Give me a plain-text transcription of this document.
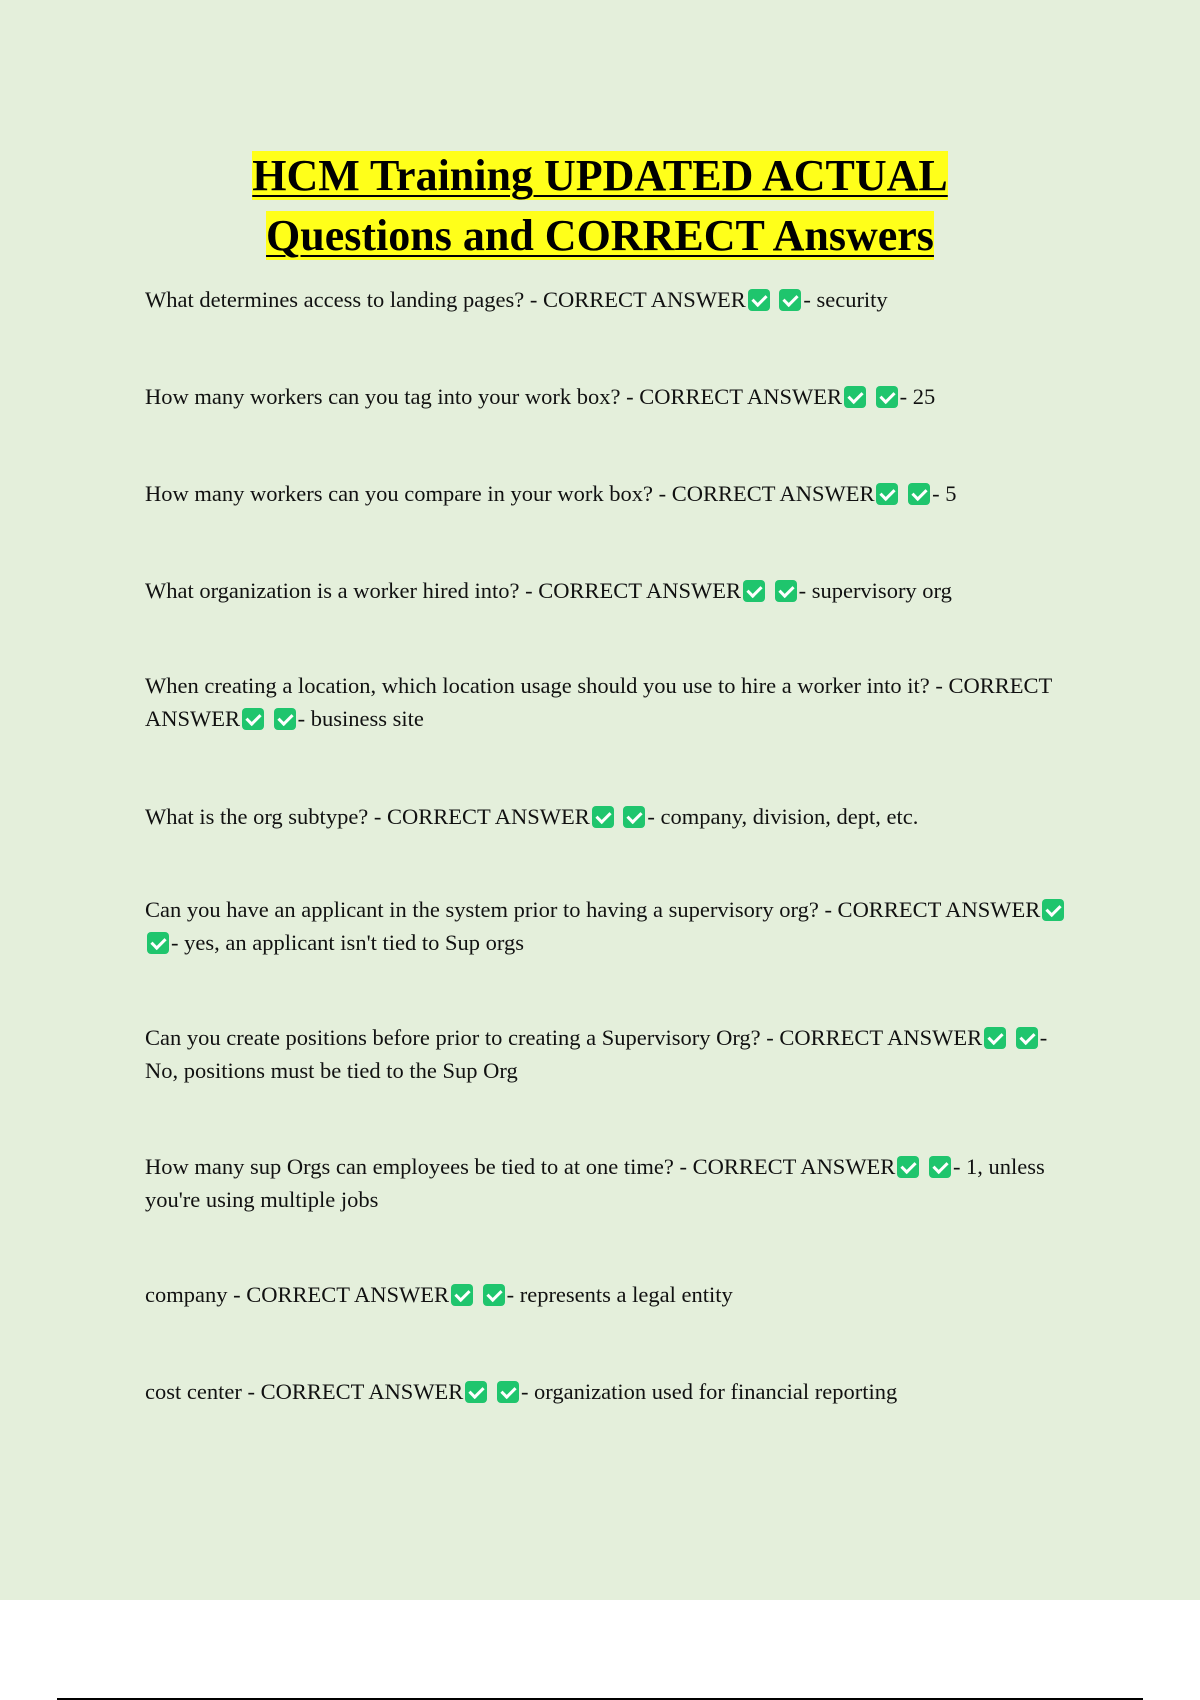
HCM Training UPDATED ACTUAL
Questions and CORRECT Answers
What determines access to landing pages? - CORRECT ANSWER	- security
How many workers can you tag into your work box? - CORRECT ANSWER	- 25
How many workers can you compare in your work box? - CORRECT ANSWER	- 5
What organization is a worker hired into? - CORRECT ANSWER	- supervisory org
When creating a location, which location usage should you use to hire a worker into it? - CORRECT ANSWER	- business site
What is the org subtype? - CORRECT ANSWER	- company, division, dept, etc.
Can you have an applicant in the system prior to having a supervisory org? - CORRECT ANSWER - yes, an applicant isn't tied to Sup orgs
Can you create positions before prior to creating a Supervisory Org? - CORRECT ANSWER	- No, positions must be tied to the Sup Org
How many sup Orgs can employees be tied to at one time? - CORRECT ANSWER	- 1, unless you're using multiple jobs
company - CORRECT ANSWER	- represents a legal entity
cost center - CORRECT ANSWER	- organization used for financial reporting
